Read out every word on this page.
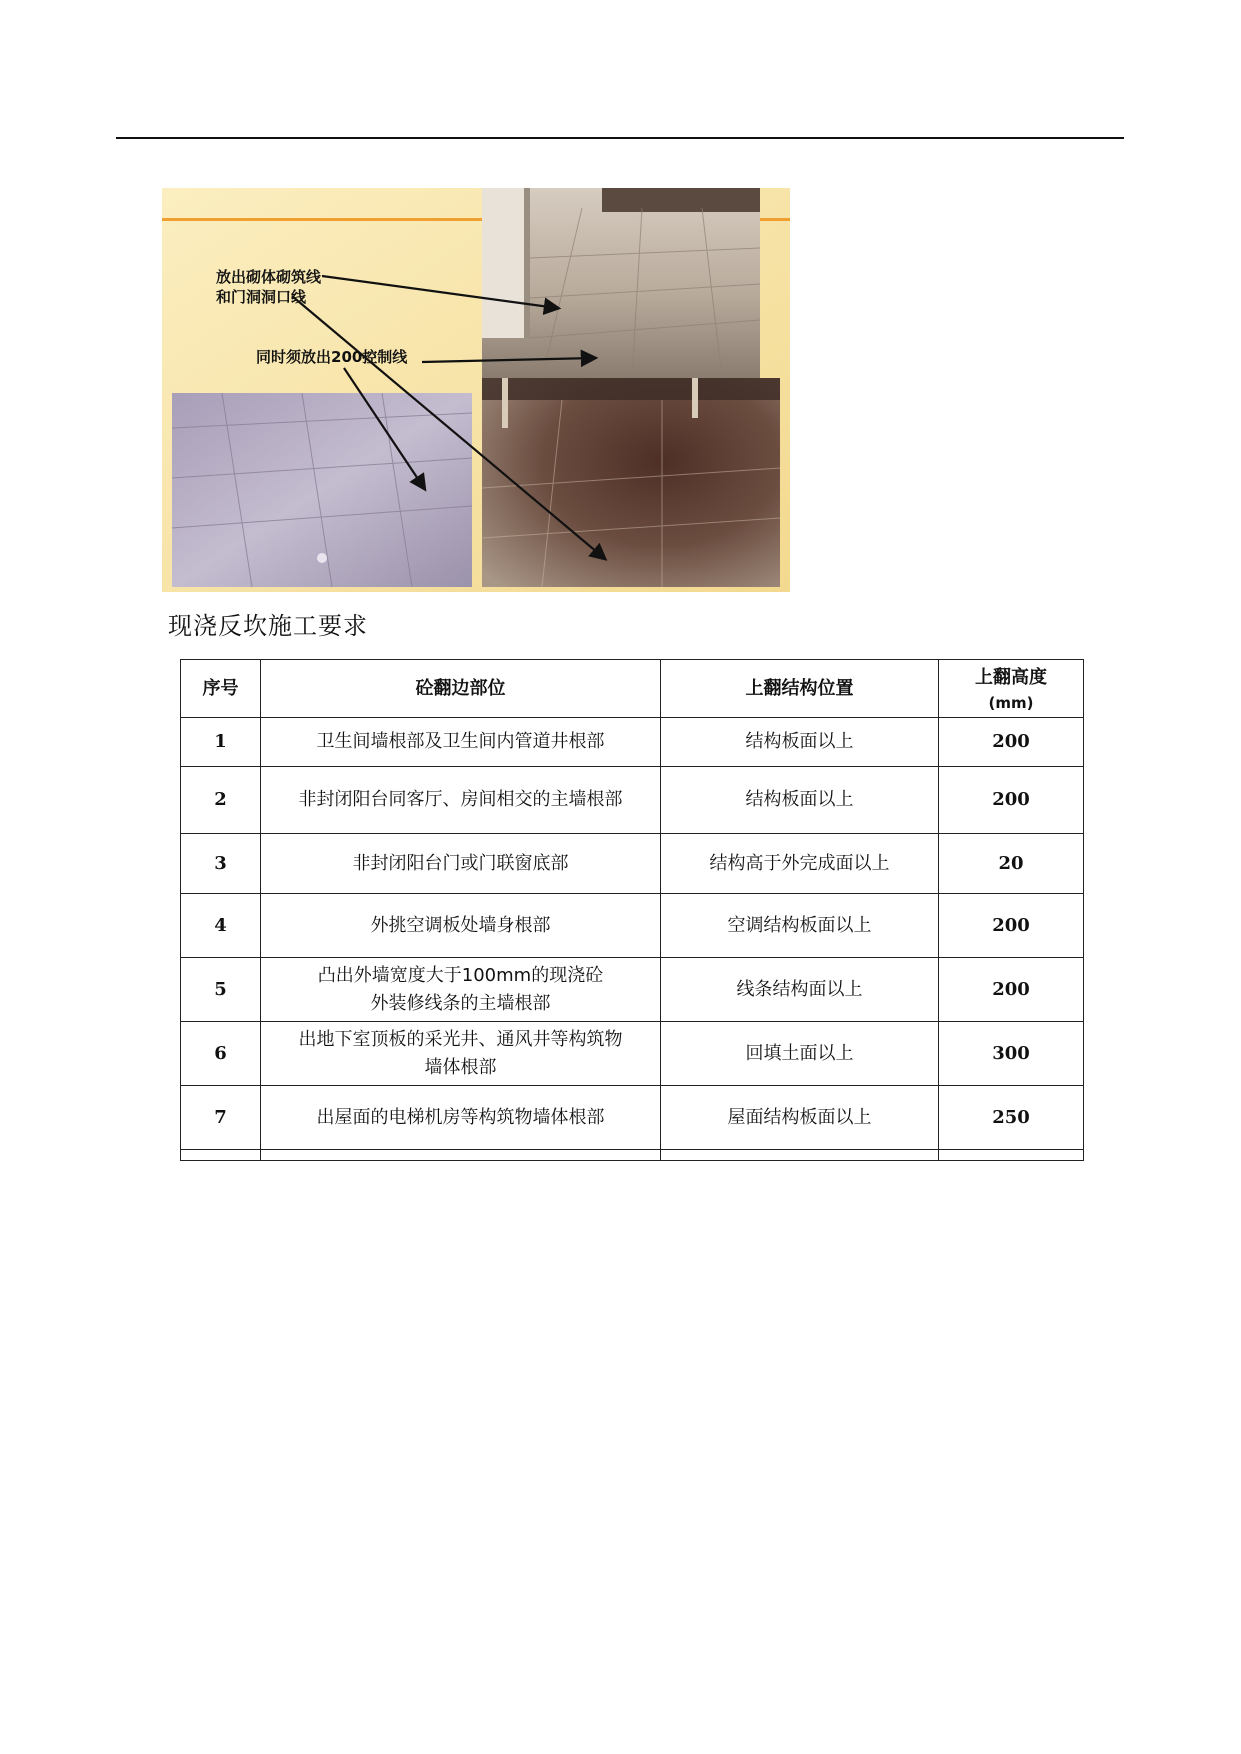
放出砌体砌筑线
和门洞洞口线
同时须放出200控制线
现浇反坎施工要求
序号	砼翻边部位	上翻结构位置	上翻高度
(mm)

1	卫生间墙根部及卫生间内管道井根部	结构板面以上	200
2	非封闭阳台同客厅、房间相交的主墙根部	结构板面以上	200
3	非封闭阳台门或门联窗底部	结构高于外完成面以上	20
4	外挑空调板处墙身根部	空调结构板面以上	200
5	凸出外墙宽度大于100mm的现浇砼
外装修线条的主墙根部	线条结构面以上	200
6	出地下室顶板的采光井、通风井等构筑物
墙体根部	回填土面以上	300
7	出屋面的电梯机房等构筑物墙体根部	屋面结构板面以上	250
